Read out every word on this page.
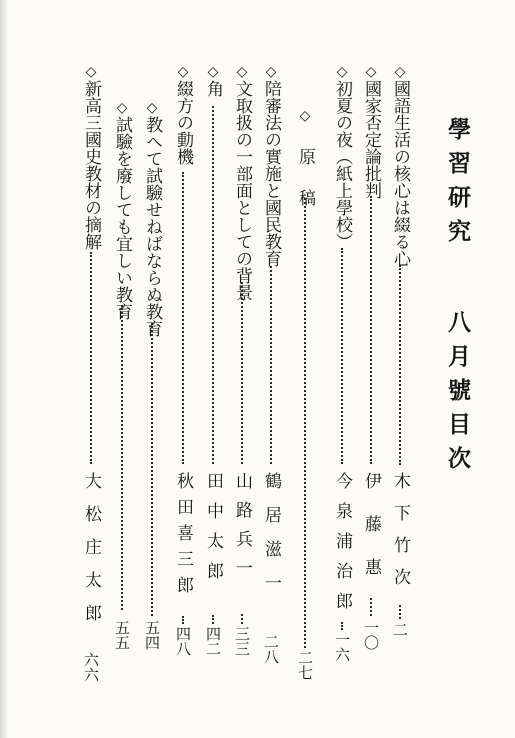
學習研究
八月號目次
◇國語生活の核心は綴る心
木下竹次
二
◇國家否定論批判
伊藤惠
一〇
◇初夏の夜（紙上學校）
今泉浦治郎
一六
◇原稿
二七
◇陪審法の實施と國民教育
鶴居滋一
二八
◇文取扱の一部面としての背景
山路兵一
三三
◇角
田中太郎
四二
◇綴方の動機
秋田喜三郎
四八
◇教へて試驗せねばならぬ教育
五四
◇試驗を廢しても宜しい教育
五五
◇新高三國史教材の摘解
大松庄太郎
六六
